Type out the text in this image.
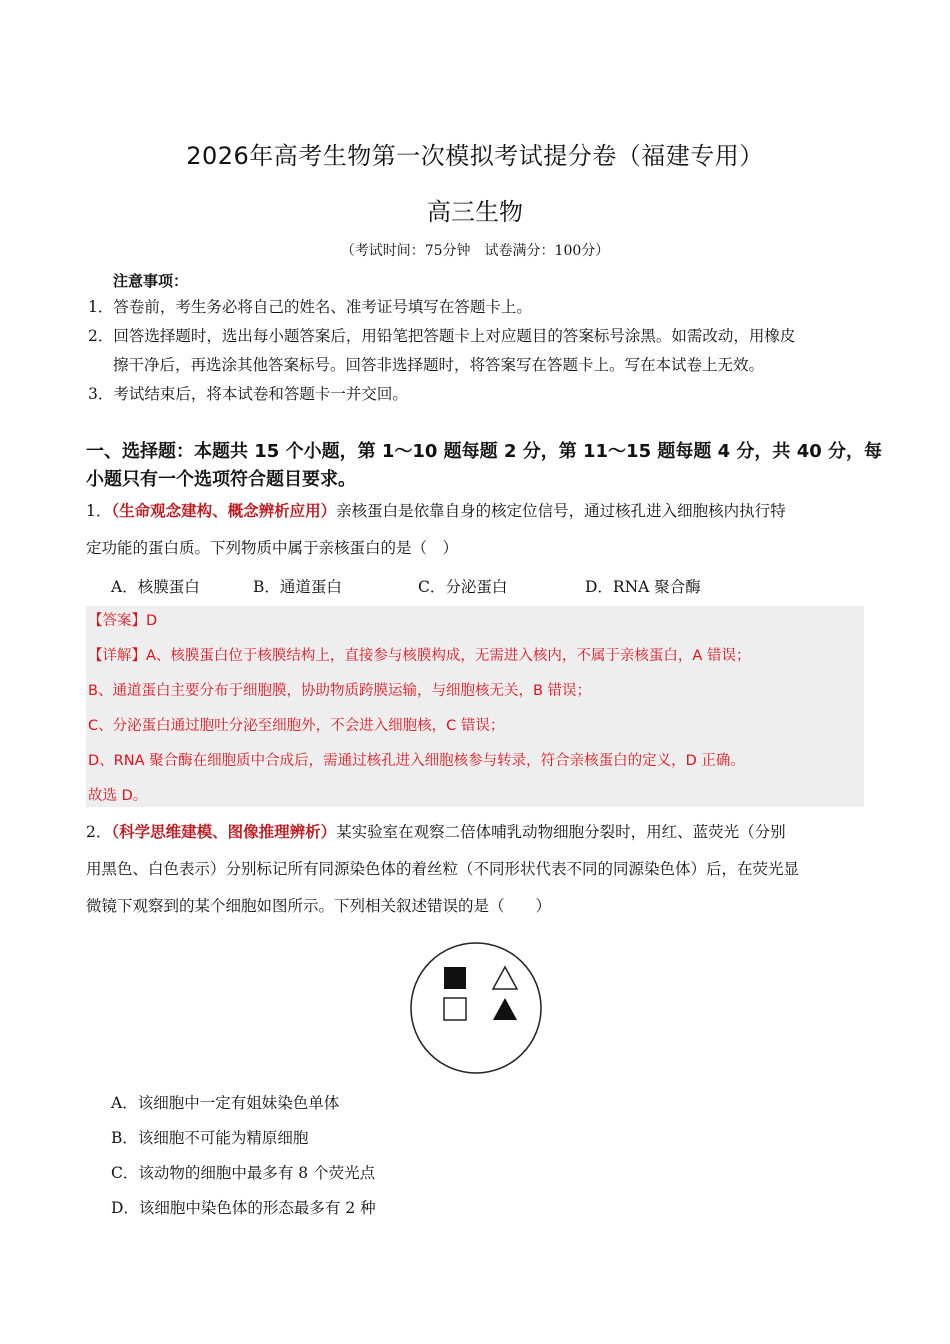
2026年高考生物第一次模拟考试提分卷（福建专用）
高三生物
（考试时间：75分钟　试卷满分：100分）
注意事项：
1．答卷前，考生务必将自己的姓名、准考证号填写在答题卡上。
2．回答选择题时，选出每小题答案后，用铅笔把答题卡上对应题目的答案标号涂黑。如需改动，用橡皮
擦干净后，再选涂其他答案标号。回答非选择题时，将答案写在答题卡上。写在本试卷上无效。
3．考试结束后，将本试卷和答题卡一并交回。
一、选择题：本题共 15 个小题，第 1～10 题每题 2 分，第 11～15 题每题 4 分，共 40 分，每
小题只有一个选项符合题目要求。
1．（生命观念建构、概念辨析应用）亲核蛋白是依靠自身的核定位信号，通过核孔进入细胞核内执行特
定功能的蛋白质。下列物质中属于亲核蛋白的是（　）
A．核膜蛋白	B．通道蛋白	C．分泌蛋白	D．RNA 聚合酶
【答案】D
【详解】A、核膜蛋白位于核膜结构上，直接参与核膜构成，无需进入核内，不属于亲核蛋白，A 错误；
B、通道蛋白主要分布于细胞膜，协助物质跨膜运输，与细胞核无关，B 错误；
C、分泌蛋白通过胞吐分泌至细胞外，不会进入细胞核，C 错误；
D、RNA 聚合酶在细胞质中合成后，需通过核孔进入细胞核参与转录，符合亲核蛋白的定义，D 正确。
故选 D。
2．（科学思维建模、图像推理辨析）某实验室在观察二倍体哺乳动物细胞分裂时，用红、蓝荧光（分别
用黑色、白色表示）分别标记所有同源染色体的着丝粒（不同形状代表不同的同源染色体）后，在荧光显
微镜下观察到的某个细胞如图所示。下列相关叙述错误的是（　　）
A．该细胞中一定有姐妹染色单体
B．该细胞不可能为精原细胞
C．该动物的细胞中最多有 8 个荧光点
D．该细胞中染色体的形态最多有 2 种
